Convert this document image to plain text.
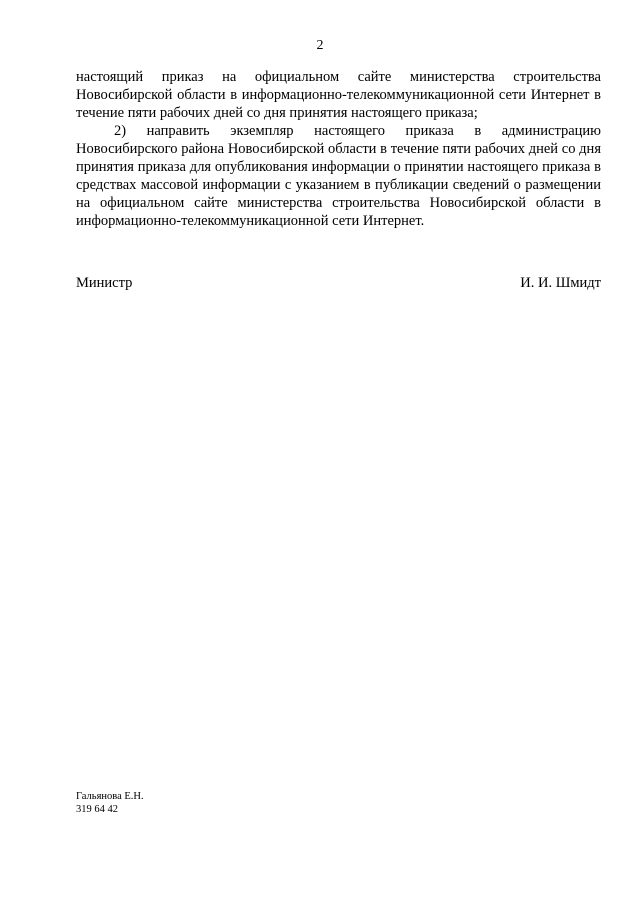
2

настоящий приказ на официальном сайте министерства строительства Новосибирской области в информационно-телекоммуникационной сети Интернет в течение пяти рабочих дней со дня принятия настоящего приказа;

2) направить экземпляр настоящего приказа в администрацию Новосибирского района Новосибирской области в течение пяти рабочих дней со дня принятия приказа для опубликования информации о принятии настоящего приказа в средствах массовой информации с указанием в публикации сведений о размещении на официальном сайте министерства строительства Новосибирской области в информационно-телекоммуникационной сети Интернет.

Министр	И. И. Шмидт
Гальянова Е.Н.
319 64 42
